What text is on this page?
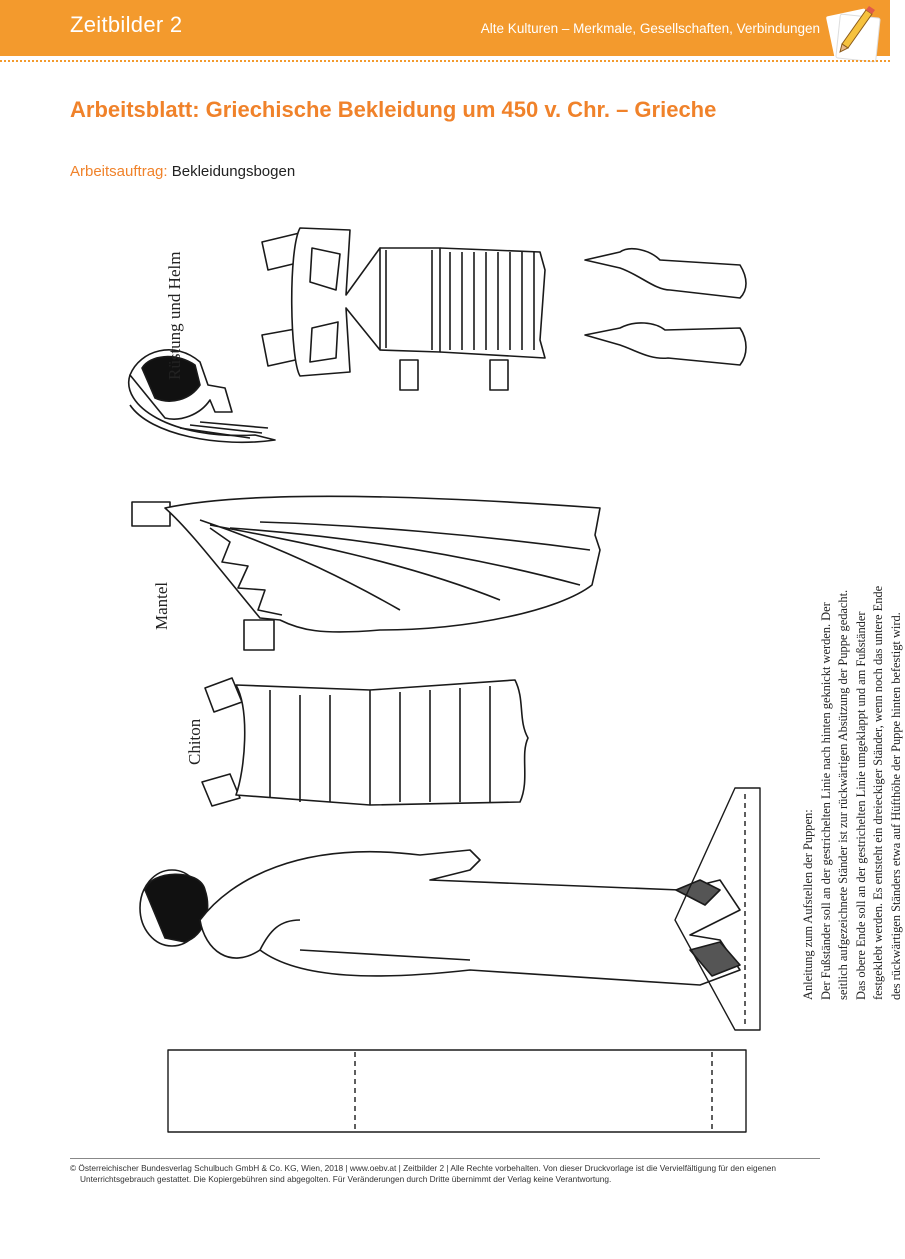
Zeitbilder 2	Alte Kulturen – Merkmale, Gesellschaften, Verbindungen
Arbeitsblatt: Griechische Bekleidung um 450 v. Chr. – Grieche
Arbeitsauftrag: Bekleidungsbogen
Rüstung und Helm
Mantel
Chiton
Anleitung zum Aufstellen der Puppen: Der Fußständer soll an der gestrichelten Linie nach hinten geknickt werden. Der seitlich aufgezeichnete Ständer ist zur rückwärtigen Absützung der Puppe gedacht. Das obere Ende soll an der gestrichelten Linie umgeklappt und am Fußständer festgeklebt werden. Es entsteht ein dreieckiger Ständer, wenn noch das untere Ende des rückwärtigen Ständers etwa auf Hüfthöhe der Puppe hinten befestigt wird.
© Österreichischer Bundesverlag Schulbuch GmbH & Co. KG, Wien, 2018 | www.oebv.at | Zeitbilder 2 | Alle Rechte vorbehalten. Von dieser Druckvorlage ist die Vervielfältigung für den eigenen
Unterrichtsgebrauch gestattet. Die Kopiergebühren sind abgegolten. Für Veränderungen durch Dritte übernimmt der Verlag keine Verantwortung.
